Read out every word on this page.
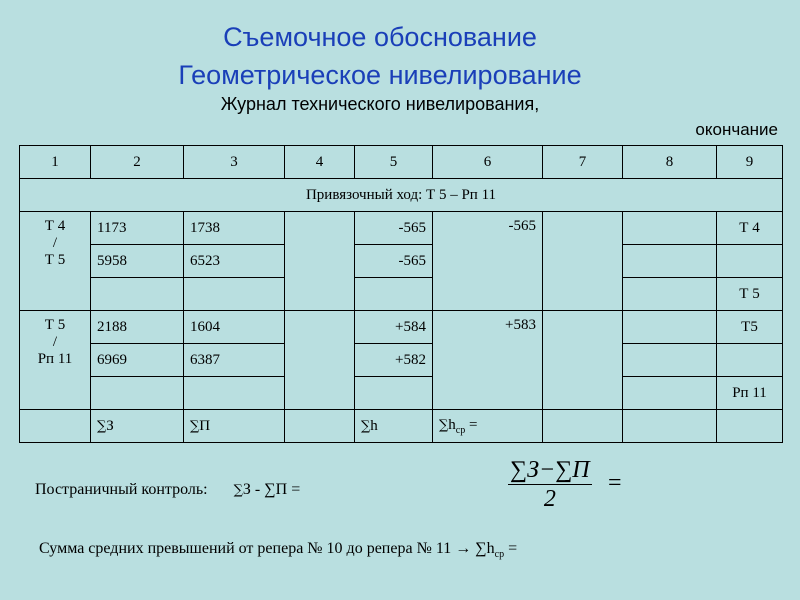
Съемочное обоснование
Геометрическое нивелирование
Журнал технического нивелирования,
окончание
1	2	3	4	5	6	7	8	9
Привязочный ход: Т 5 – Рп 11								

Т 4
/
Т 5	1173	1738		-565	-565			Т 4
	5958	6523		-565				
								Т 5

Т 5
/
Рп 11	2188	1604		+584	+583			Т5
	6969	6387		+582				
								Рп 11
	∑З	∑П		∑h	$\sum h_{ср}$ =			
Постраничный контроль: ∑З - ∑П =
∑З−∑П
2
=
Сумма средних превышений от репера № 10 до репера № $11 \to \sum h_{ср}$ =
